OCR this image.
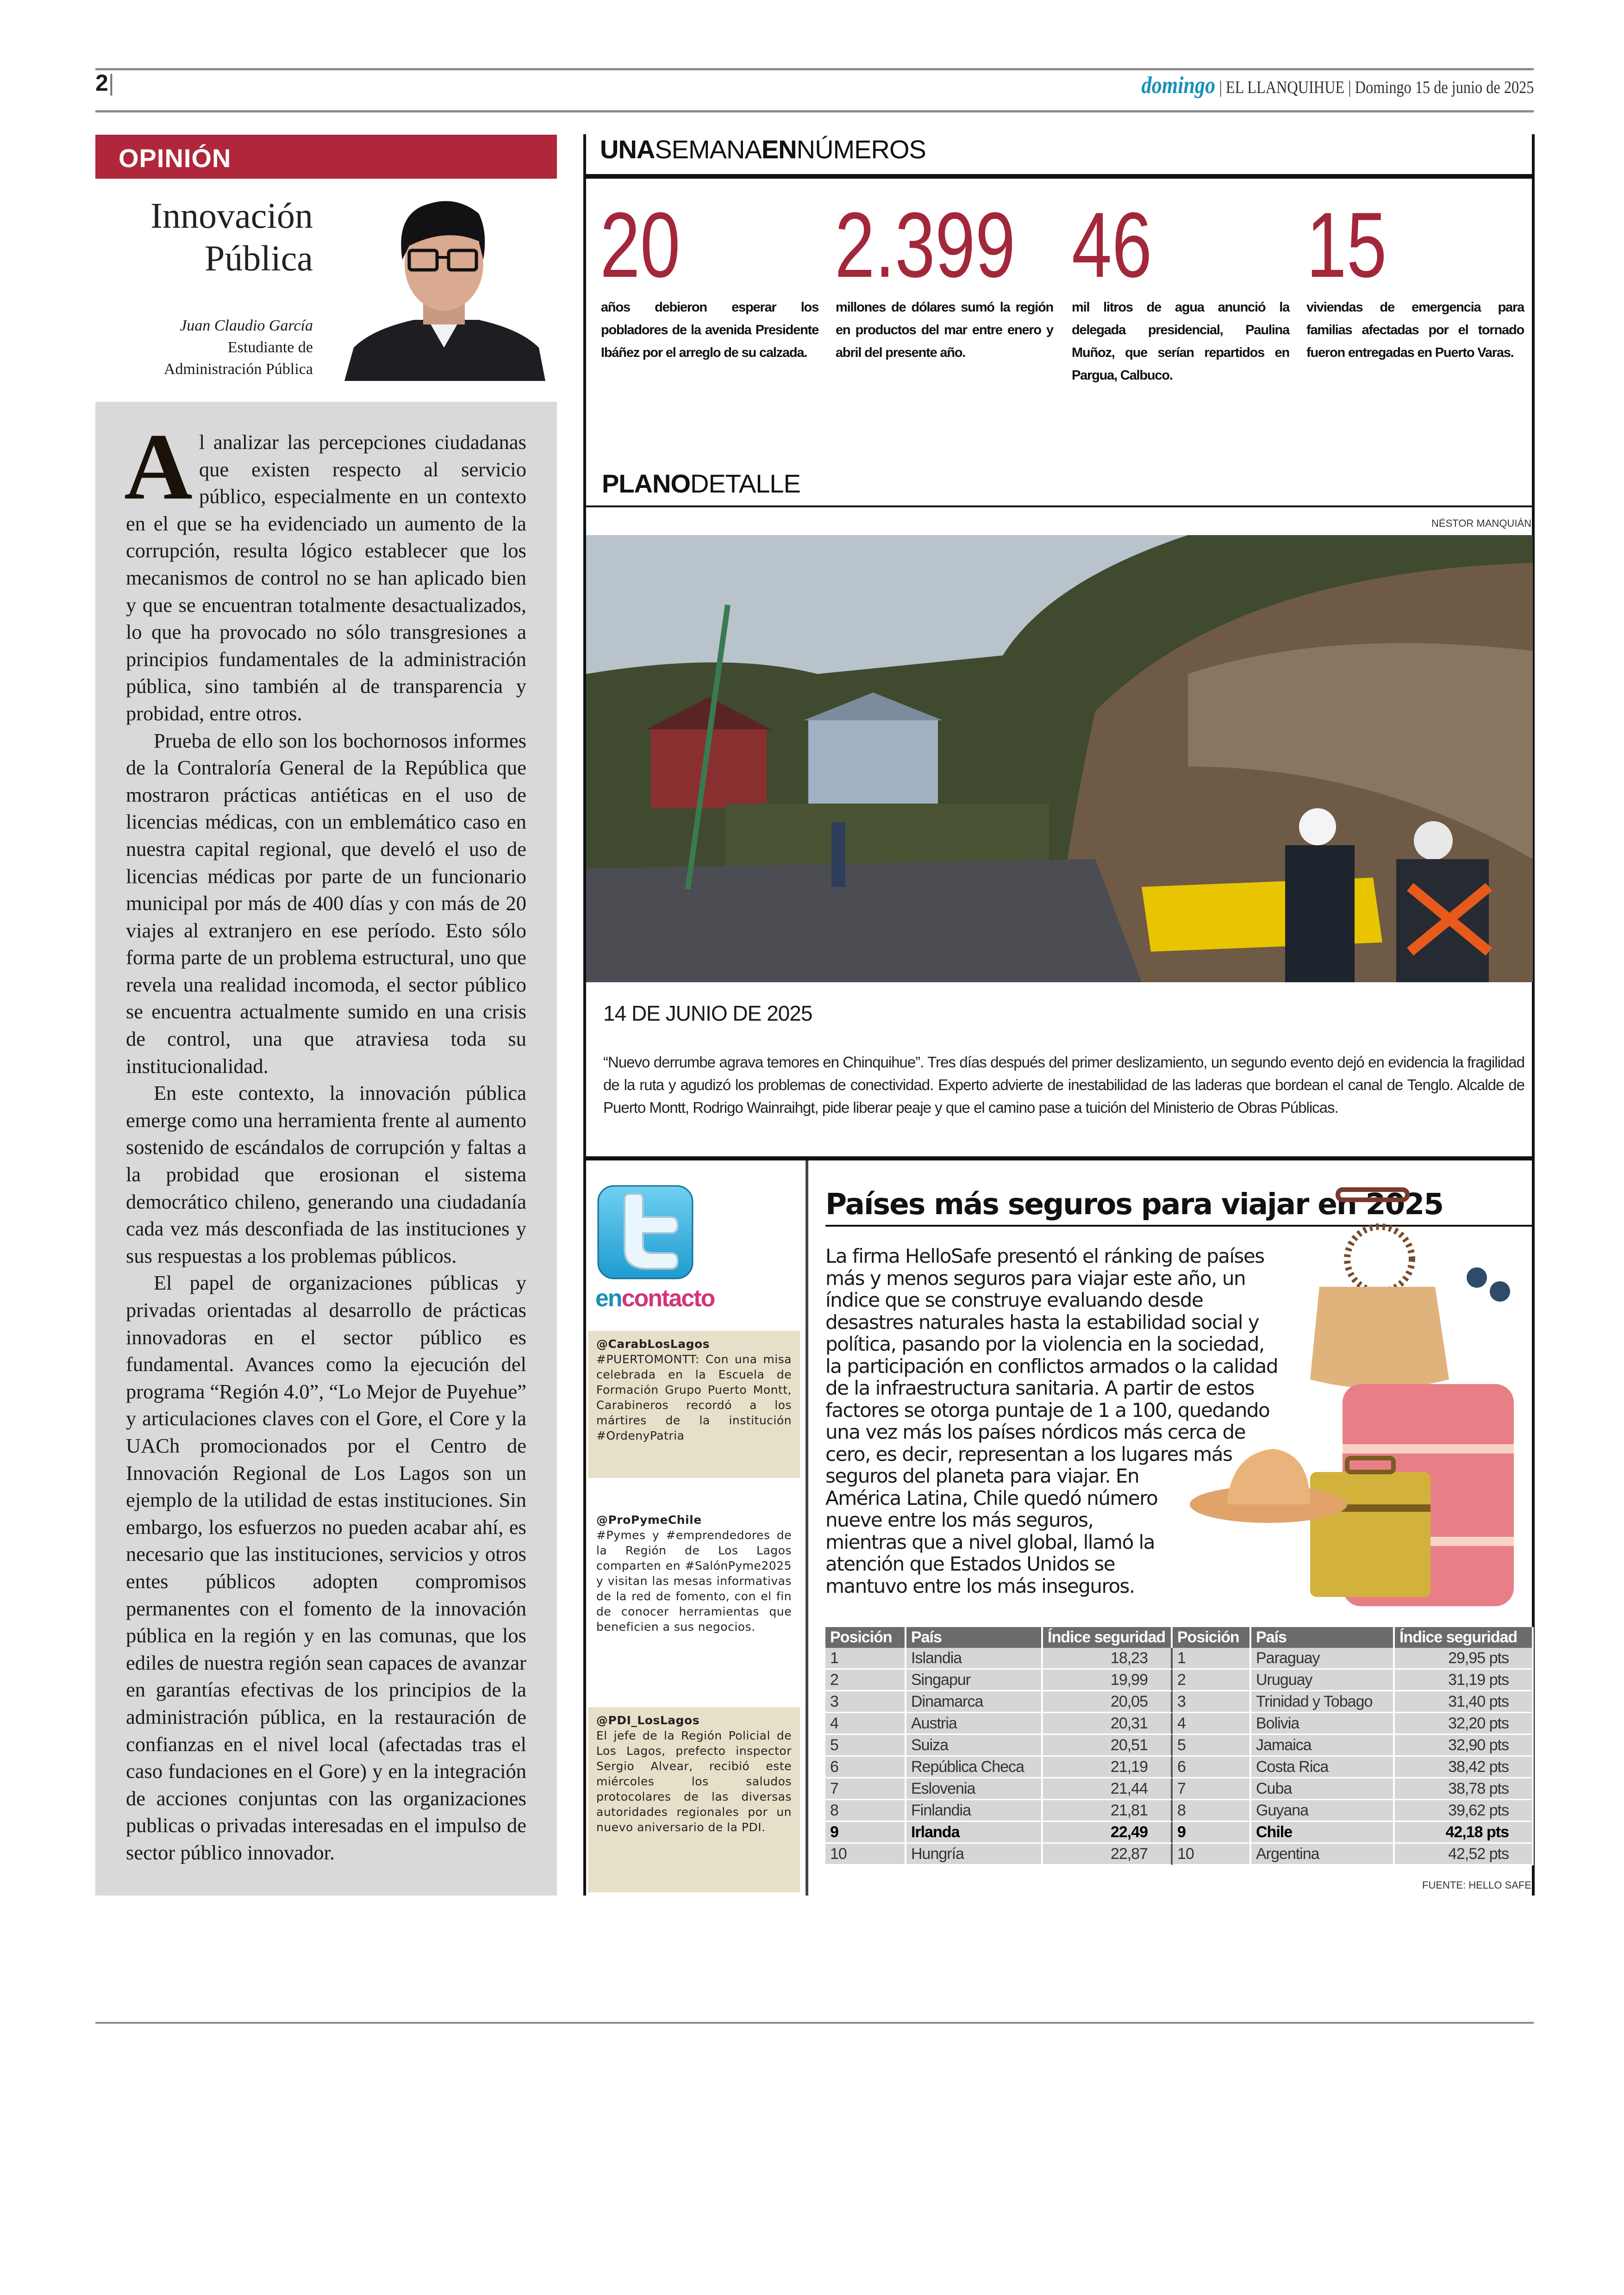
2|	domingo | EL LLANQUIHUE | Domingo 15 de junio de 2025
OPINIÓN
Innovación
Pública
Juan Claudio García
Estudiante de
Administración Pública

Al analizar las percepciones ciudadanas que existen respecto al servicio público, especialmente en un contexto en el que se ha evidenciado un aumento de la corrupción, resulta lógico establecer que los mecanismos de control no se han aplicado bien y que se encuentran totalmente desactualizados, lo que ha provocado no sólo transgresiones a principios fundamentales de la administración pública, sino también al de transparencia y probidad, entre otros.

Prueba de ello son los bochornosos informes de la Contraloría General de la República que mostraron prácticas antiéticas en el uso de licencias médicas, con un emblemático caso en nuestra capital regional, que develó el uso de licencias médicas por parte de un funcionario municipal por más de 400 días y con más de 20 viajes al extranjero en ese período. Esto sólo forma parte de un problema estructural, uno que revela una realidad incomoda, el sector público se encuentra actualmente sumido en una crisis de control, una que atraviesa toda su institucionalidad.

En este contexto, la innovación pública emerge como una herramienta frente al aumento sostenido de escándalos de corrupción y faltas a la probidad que erosionan el sistema democrático chileno, generando una ciudadanía cada vez más desconfiada de las instituciones y sus respuestas a los problemas públicos.

El papel de organizaciones públicas y privadas orientadas al desarrollo de prácticas innovadoras en el sector público es fundamental. Avances como la ejecución del programa “Región 4.0”, “Lo Mejor de Puyehue” y articulaciones claves con el Gore, el Core y la UACh promocionados por el Centro de Innovación Regional de Los Lagos son un ejemplo de la utilidad de estas instituciones. Sin embargo, los esfuerzos no pueden acabar ahí, es necesario que las instituciones, servicios y otros entes públicos adopten compromisos permanentes con el fomento de la innovación pública en la región y en las comunas, que los ediles de nuestra región sean capaces de avanzar en garantías efectivas de los principios de la administración pública, en la restauración de confianzas en el nivel local (afectadas tras el caso fundaciones en el Gore) y en la integración de acciones conjuntas con las organizaciones publicas o privadas interesadas en el impulso de sector público innovador.

UNASEMANAENNÚMEROS
20 2.399 46 15
años debieron esperar los pobladores de la avenida Presidente Ibáñez por el arreglo de su calzada.
millones de dólares sumó la región en productos del mar entre enero y abril del presente año.
mil litros de agua anunció la delegada presidencial, Paulina Muñoz, que serían repartidos en Pargua, Calbuco.
viviendas de emergencia para familias afectadas por el tornado fueron entregadas en Puerto Varas.
PLANODETALLE
NÉSTOR MANQUIÁN
14 DE JUNIO DE 2025
“Nuevo derrumbe agrava temores en Chinquihue”. Tres días después del primer deslizamiento, un segundo evento dejó en evidencia la fragilidad de la ruta y agudizó los problemas de conectividad. Experto advierte de inestabilidad de las laderas que bordean el canal de Tenglo. Alcalde de Puerto Montt, Rodrigo Wainraihgt, pide liberar peaje y que el camino pase a tuición del Ministerio de Obras Públicas.
encontacto
@CarabLosLagos
#PUERTOMONTT: Con una misa celebrada en la Escuela de Formación Grupo Puerto Montt, Carabineros recordó a los mártires de la institución #OrdenyPatria
@ProPymeChile
#Pymes y #emprendedores de la Región de Los Lagos comparten en #SalónPyme2025 y visitan las mesas informativas de la red de fomento, con el fin de conocer herramientas que beneficien a sus negocios.
@PDI_LosLagos
El jefe de la Región Policial de Los Lagos, prefecto inspector Sergio Alvear, recibió este miércoles los saludos protocolares de las diversas autoridades regionales por un nuevo aniversario de la PDI.
Países más seguros para viajar en 2025
La firma HelloSafe presentó el ránking de países más y menos seguros para viajar este año, un índice que se construye evaluando desde desastres naturales hasta la estabilidad social y política, pasando por la violencia en la sociedad, la participación en conflictos armados o la calidad de la infraestructura sanitaria. A partir de estos factores se otorga puntaje de 1 a 100, quedando una vez más los países nórdicos más cerca de cero, es decir, representan a los lugares más seguros del planeta para viajar. En América Latina, Chile quedó número nueve entre los más seguros, mientras que a nivel global, llamó la atención que Estados Unidos se mantuvo entre los más inseguros.
Posición	País	Índice seguridad	Posición	País	Índice seguridad
1	Islandia	18,23	1	Paraguay	29,95 pts
2	Singapur	19,99	2	Uruguay	31,19 pts
3	Dinamarca	20,05	3	Trinidad y Tobago	31,40 pts
4	Austria	20,31	4	Bolivia	32,20 pts
5	Suiza	20,51	5	Jamaica	32,90 pts
6	República Checa	21,19	6	Costa Rica	38,42 pts
7	Eslovenia	21,44	7	Cuba	38,78 pts
8	Finlandia	21,81	8	Guyana	39,62 pts
9	Irlanda	22,49	9	Chile	42,18 pts
10	Hungría	22,87	10	Argentina	42,52 pts
FUENTE: HELLO SAFE
